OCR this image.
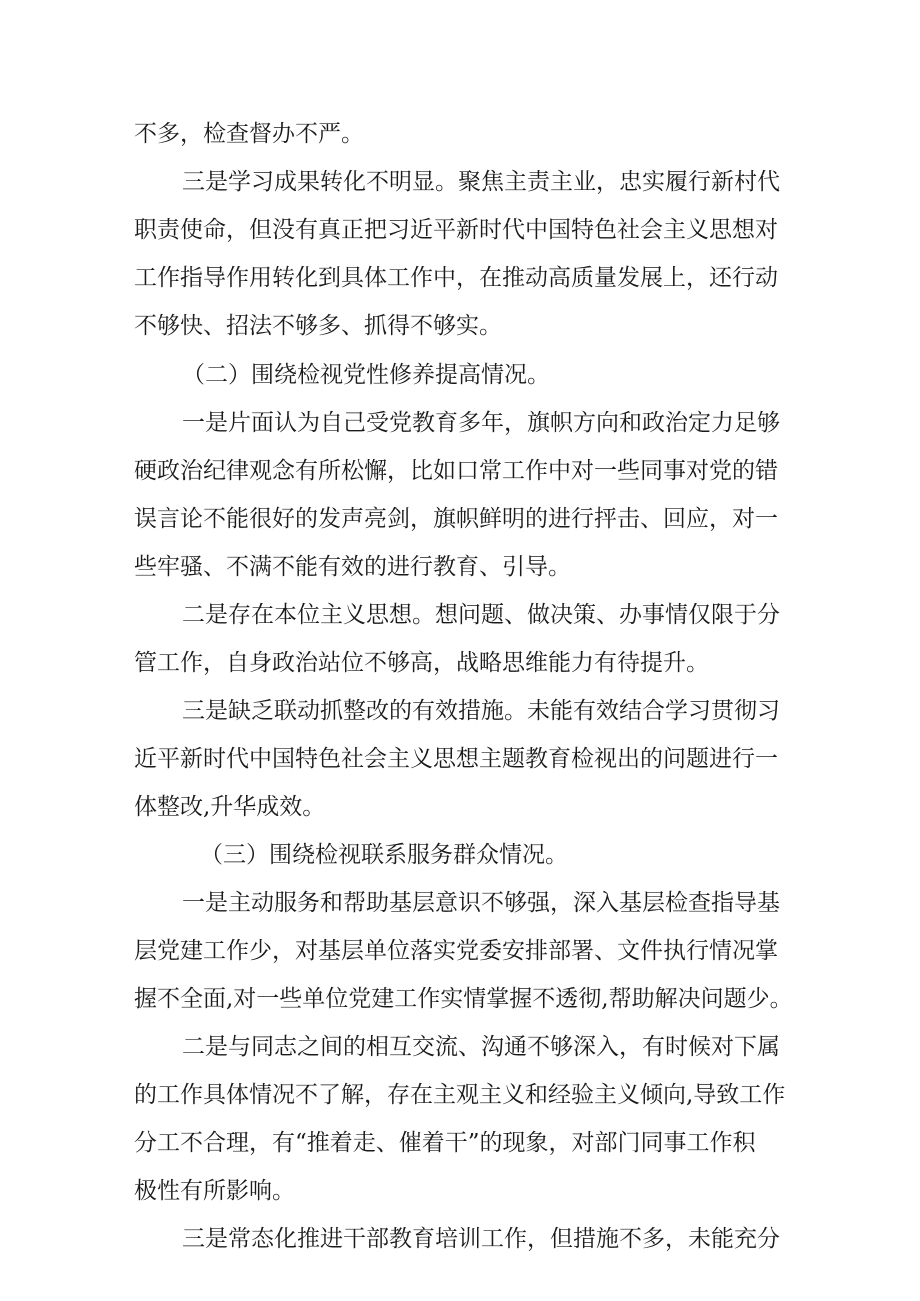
不多，检查督办不严。

三是学习成果转化不明显。聚焦主责主业，忠实履行新村代

职责使命，但没有真正把习近平新时代中国特色社会主义思想对

工作指导作用转化到具体工作中，在推动高质量发展上，还行动

不够快、招法不够多、抓得不够实。

（二）围绕检视党性修养提高情况。

一是片面认为自己受党教育多年，旗帜方向和政治定力足够

硬政治纪律观念有所松懈，比如口常工作中对一些同事对党的错

误言论不能很好的发声亮剑，旗帜鲜明的进行抨击、回应，对一

些牢骚、不满不能有效的进行教育、引导。

二是存在本位主义思想。想问题、做决策、办事情仅限于分

管工作，自身政治站位不够高，战略思维能力有待提升。

三是缺乏联动抓整改的有效措施。未能有效结合学习贯彻习

近平新时代中国特色社会主义思想主题教育检视出的问题进行一

体整改,升华成效。

（三）围绕检视联系服务群众情况。

一是主动服务和帮助基层意识不够强，深入基层检查指导基

层党建工作少，对基层单位落实党委安排部署、文件执行情况掌

握不全面,对一些单位党建工作实情掌握不透彻,帮助解决问题少。

二是与同志之间的相互交流、沟通不够深入，有时候对下属

的工作具体情况不了解，存在主观主义和经验主义倾向,导致工作

分工不合理，有“推着走、催着干”的现象，对部门同事工作积

极性有所影响。

三是常态化推进干部教育培训工作，但措施不多，未能充分
